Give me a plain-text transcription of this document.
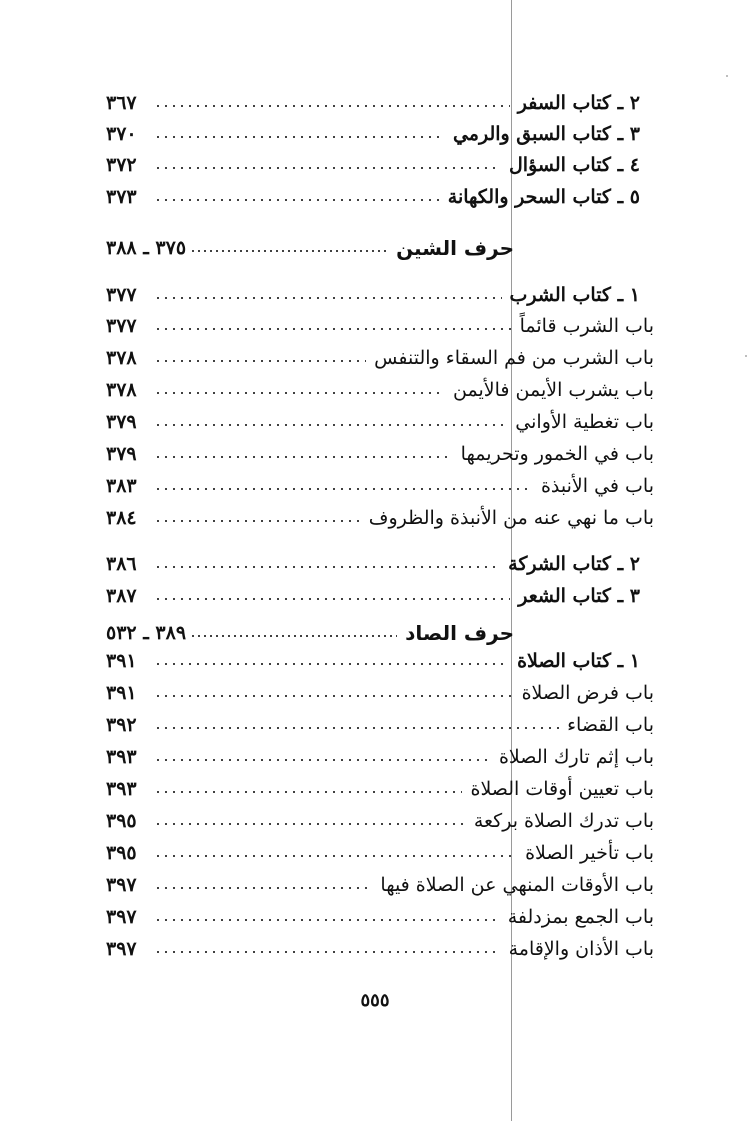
٢ ـ كتاب السفر
٣٦٧
٣ ـ كتاب السبق والرمي
٣٧٠
٤ ـ كتاب السؤال
٣٧٢
٥ ـ كتاب السحر والكهانة
٣٧٣
حرف الشين
٣٧٥ ـ ٣٨٨
١ ـ كتاب الشرب
٣٧٧
باب الشرب قائماً
٣٧٧
باب الشرب من فم السقاء والتنفس
٣٧٨
باب يشرب الأيمن فالأيمن
٣٧٨
باب تغطية الأواني
٣٧٩
باب في الخمور وتحريمها
٣٧٩
باب في الأنبذة
٣٨٣
باب ما نهي عنه من الأنبذة والظروف
٣٨٤
٢ ـ كتاب الشركة
٣٨٦
٣ ـ كتاب الشعر
٣٨٧
حرف الصاد
٣٨٩ ـ ٥٣٢
١ ـ كتاب الصلاة
٣٩١
باب فرض الصلاة
٣٩١
باب القضاء
٣٩٢
باب إثم تارك الصلاة
٣٩٣
باب تعيين أوقات الصلاة
٣٩٣
باب تدرك الصلاة بركعة
٣٩٥
باب تأخير الصلاة
٣٩٥
باب الأوقات المنهي عن الصلاة فيها
٣٩٧
باب الجمع بمزدلفة
٣٩٧
باب الأذان والإقامة
٣٩٧
٥٥٥
